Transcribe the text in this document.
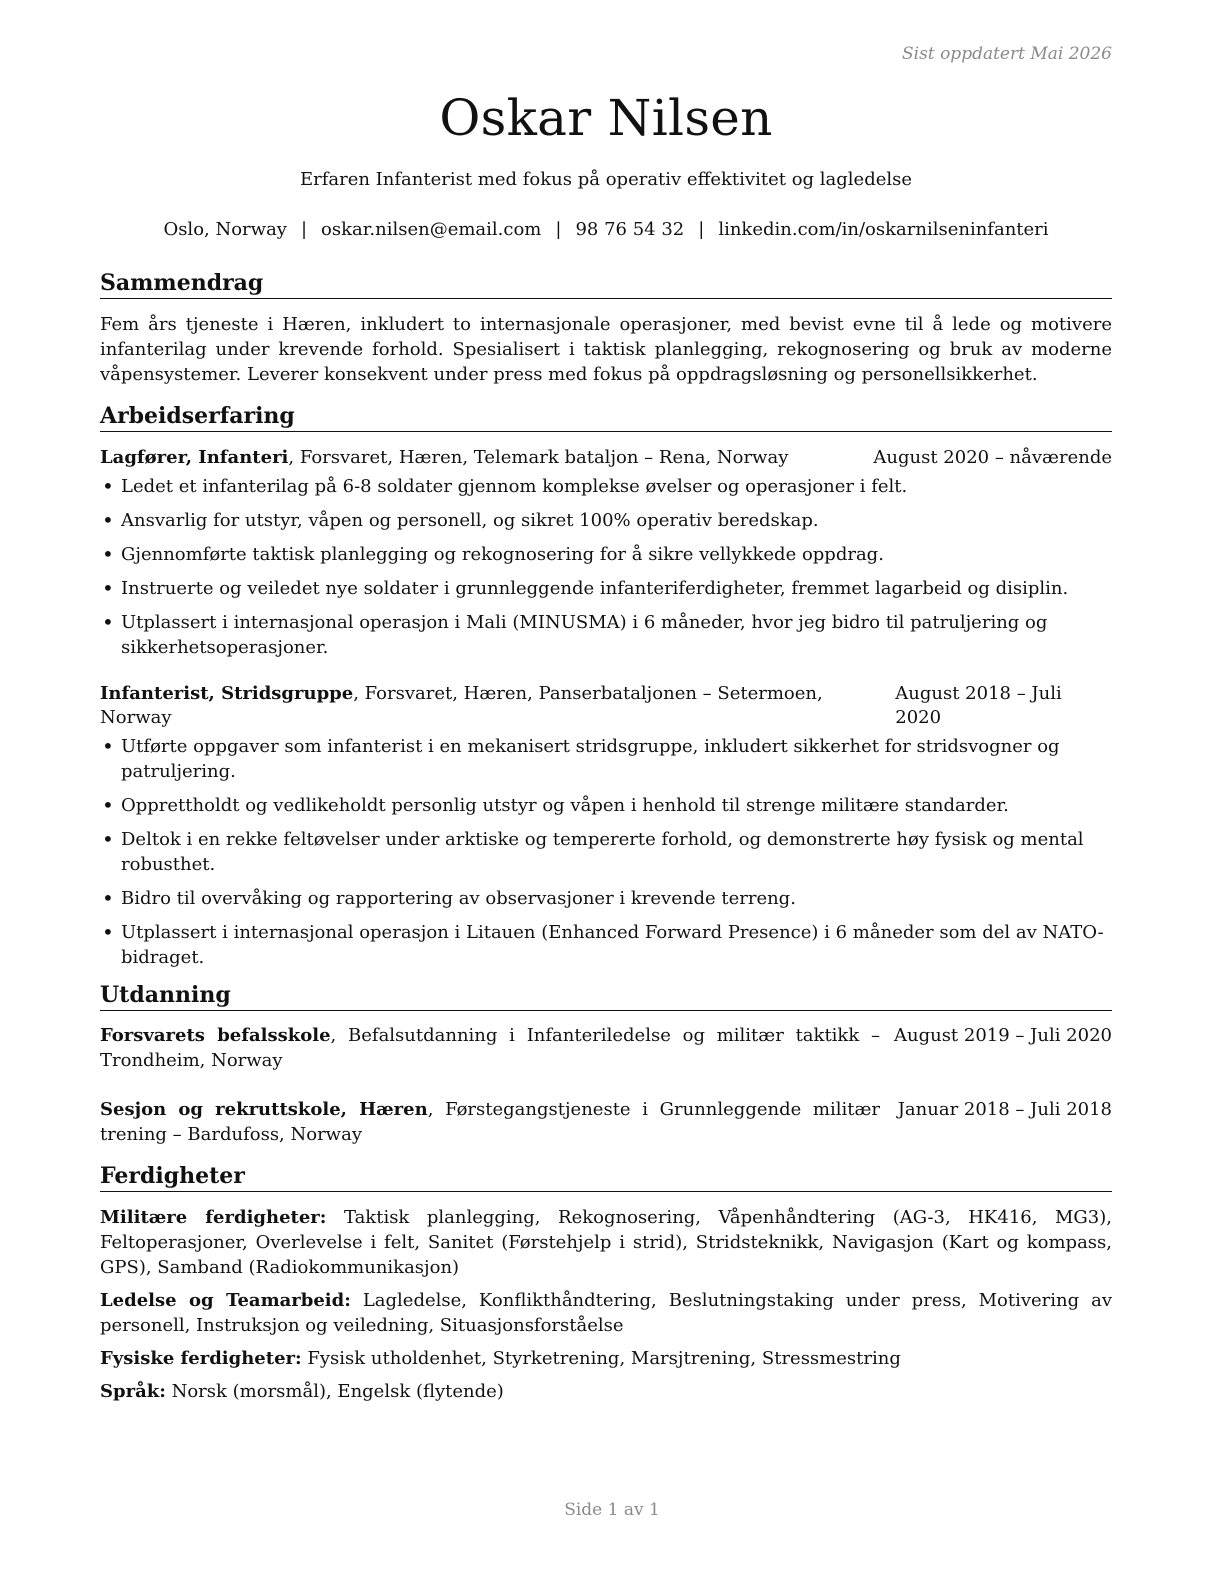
Sist oppdatert Mai 2026
Oskar Nilsen
Erfaren Infanterist med fokus på operativ effektivitet og lagledelse
Oslo, Norway | oskar.nilsen@email.com | 98 76 54 32 | linkedin.com/in/oskarnilseninfanteri
Sammendrag
Fem års tjeneste i Hæren, inkludert to internasjonale operasjoner, med bevist evne til å lede og motivere infanterilag under krevende forhold. Spesialisert i taktisk planlegging, rekognosering og bruk av moderne våpensystemer. Leverer konsekvent under press med fokus på oppdragsløsning og personellsikkerhet.
Arbeidserfaring
Lagfører, Infanteri, Forsvaret, Hæren, Telemark bataljon – Rena, Norway	August 2020 – nåværende
• Ledet et infanterilag på 6-8 soldater gjennom komplekse øvelser og operasjoner i felt.
• Ansvarlig for utstyr, våpen og personell, og sikret 100% operativ beredskap.
• Gjennomførte taktisk planlegging og rekognosering for å sikre vellykkede oppdrag.
• Instruerte og veiledet nye soldater i grunnleggende infanteriferdigheter, fremmet lagarbeid og disiplin.
• Utplassert i internasjonal operasjon i Mali (MINUSMA) i 6 måneder, hvor jeg bidro til patruljering og sikkerhetsoperasjoner.
Infanterist, Stridsgruppe, Forsvaret, Hæren, Panserbataljonen – Setermoen, Norway
August 2018 – Juli 2020
• Utførte oppgaver som infanterist i en mekanisert stridsgruppe, inkludert sikkerhet for stridsvogner og patruljering.
• Opprettholdt og vedlikeholdt personlig utstyr og våpen i henhold til strenge militære standarder.
• Deltok i en rekke feltøvelser under arktiske og tempererte forhold, og demonstrerte høy fysisk og mental robusthet.
• Bidro til overvåking og rapportering av observasjoner i krevende terreng.
• Utplassert i internasjonal operasjon i Litauen (Enhanced Forward Presence) i 6 måneder som del av NATO-bidraget.
Utdanning
Forsvarets befalsskole, Befalsutdanning i Infanteriledelse og militær taktikk – Trondheim, Norway
August 2019 – Juli 2020
Sesjon og rekruttskole, Hæren, Førstegangstjeneste i Grunnleggende militær trening – Bardufoss, Norway
Januar 2018 – Juli 2018
Ferdigheter
Militære ferdigheter: Taktisk planlegging, Rekognosering, Våpenhåndtering (AG-3, HK416, MG3), Feltoperasjoner, Overlevelse i felt, Sanitet (Førstehjelp i strid), Stridsteknikk, Navigasjon (Kart og kompass, GPS), Samband (Radiokommunikasjon)
Ledelse og Teamarbeid: Lagledelse, Konflikthåndtering, Beslutningstaking under press, Motivering av personell, Instruksjon og veiledning, Situasjonsforståelse
Fysiske ferdigheter: Fysisk utholdenhet, Styrketrening, Marsjtrening, Stressmestring
Språk: Norsk (morsmål), Engelsk (flytende)
Side 1 av 1
